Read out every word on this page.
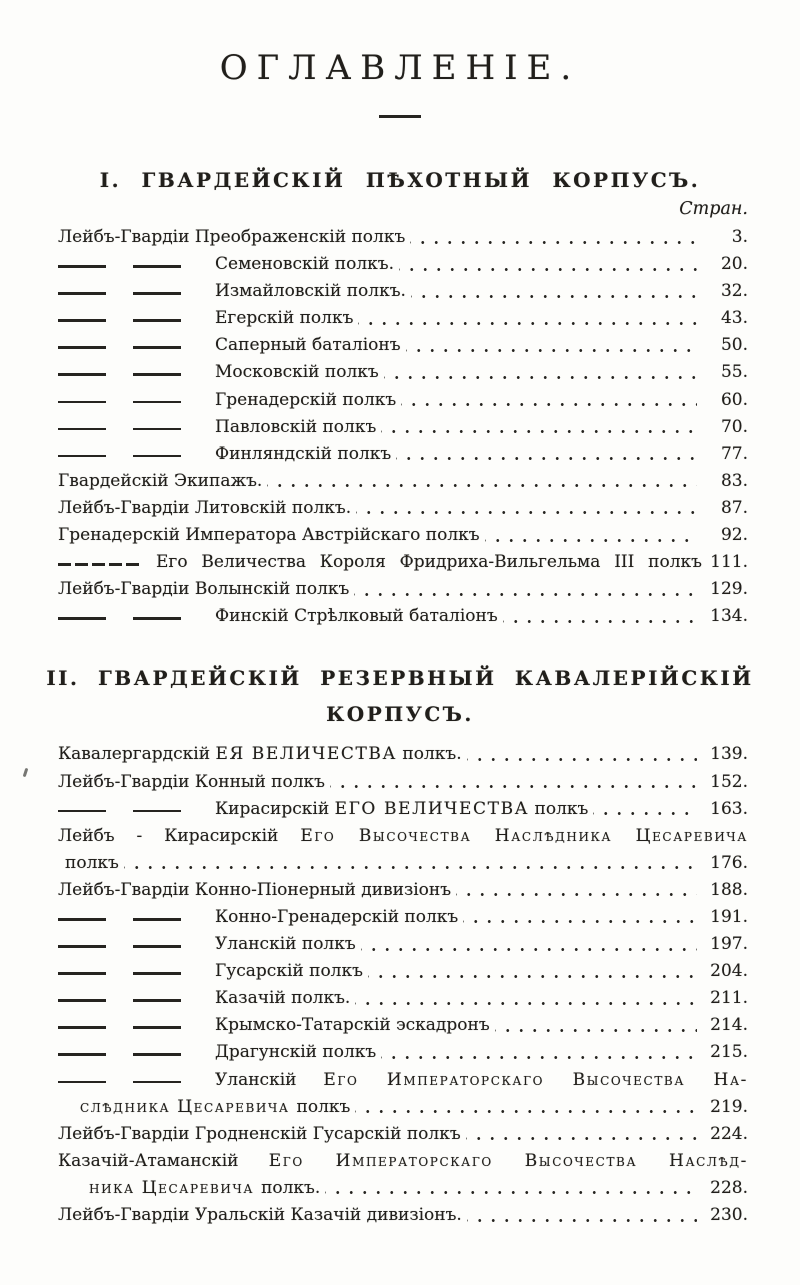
ОГЛАВЛЕНІЕ.
I. ГВАРДЕЙСКІЙ ПѢХОТНЫЙ КОРПУСЪ.
Стран.
Лейбъ-Гвардіи Преображенскій полкъ	3.
Семеновскій полкъ.	20.
Измайловскій полкъ.	32.
Егерскій полкъ	43.
Саперный баталіонъ	50.
Московскій полкъ	55.
Гренадерскій полкъ	60.
Павловскій полкъ	70.
Финляндскій полкъ	77.
Гвардейскій Экипажъ.	83.
Лейбъ-Гвардіи Литовскій полкъ.	87.
Гренадерскій Императора Австрійскаго полкъ	92.
Его Величества Короля Фридриха-Вильгельма III полкъ 111.
Лейбъ-Гвардіи Волынскій полкъ	129.
Финскій Стрѣлковый баталіонъ	134.
II. ГВАРДЕЙСКІЙ РЕЗЕРВНЫЙ КАВАЛЕРІЙСКІЙ
КОРПУСЪ.
Кавалергардскій ЕЯ ВЕЛИЧЕСТВА полкъ.	139.
Лейбъ-Гвардіи Конный полкъ	152.
Кирасирскій ЕГО ВЕЛИЧЕСТВА полкъ	163.
Лейбъ - Кирасирскій Его Высочества Наслѣдника Цесаревича
полкъ	176.
Лейбъ-Гвардіи Конно-Піонерный дивизіонъ	188.
Конно-Гренадерскій полкъ	191.
Уланскій полкъ	197.
Гусарскій полкъ	204.
Казачій полкъ.	211.
Крымско-Татарскій эскадронъ	214.
Драгунскій полкъ	215.
Уланскій Его Императорскаго Высочества На-
слѣдника Цесаревича полкъ	219.
Лейбъ-Гвардіи Гродненскій Гусарскій полкъ	224.
Казачій-Атаманскій Его Императорскаго Высочества Наслѣд-
ника Цесаревича полкъ.	228.
Лейбъ-Гвардіи Уральскій Казачій дивизіонъ.	230.
